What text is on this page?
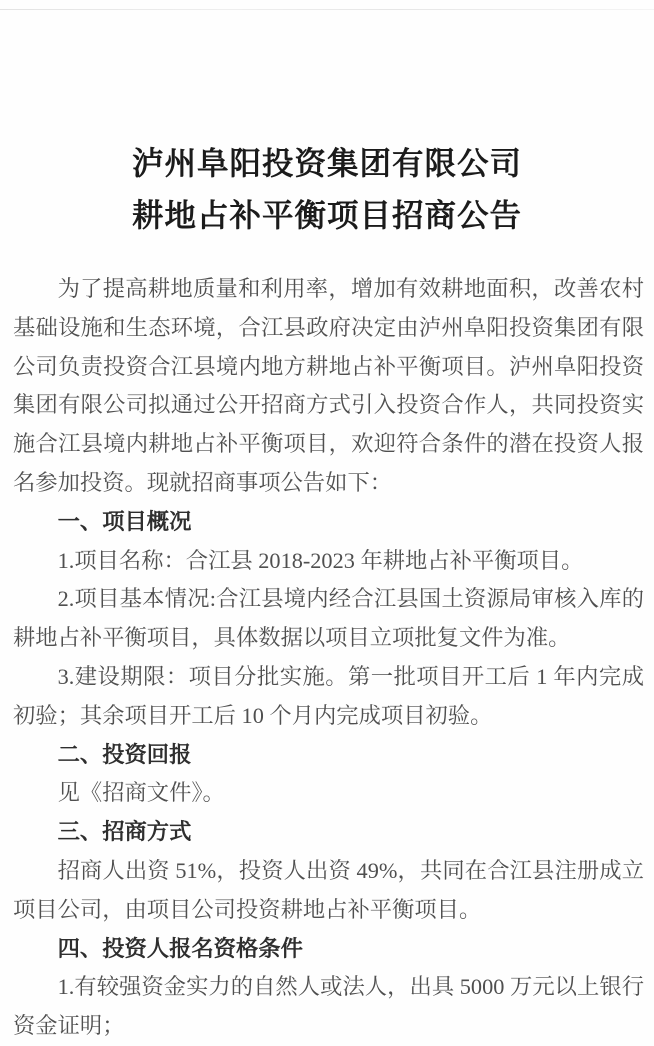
泸州阜阳投资集团有限公司
耕地占补平衡项目招商公告

为了提高耕地质量和利用率，增加有效耕地面积，改善农村基础设施和生态环境，合江县政府决定由泸州阜阳投资集团有限公司负责投资合江县境内地方耕地占补平衡项目。泸州阜阳投资集团有限公司拟通过公开招商方式引入投资合作人，共同投资实施合江县境内耕地占补平衡项目，欢迎符合条件的潜在投资人报名参加投资。现就招商事项公告如下：

一、项目概况

1.项目名称：合江县 2018-2023 年耕地占补平衡项目。

2.项目基本情况:合江县境内经合江县国土资源局审核入库的耕地占补平衡项目，具体数据以项目立项批复文件为准。

3.建设期限：项目分批实施。第一批项目开工后 1 年内完成初验；其余项目开工后 10 个月内完成项目初验。

二、投资回报

见《招商文件》。

三、招商方式

招商人出资 51%，投资人出资 49%，共同在合江县注册成立项目公司，由项目公司投资耕地占补平衡项目。

四、投资人报名资格条件

1.有较强资金实力的自然人或法人，出具 5000 万元以上银行资金证明；
